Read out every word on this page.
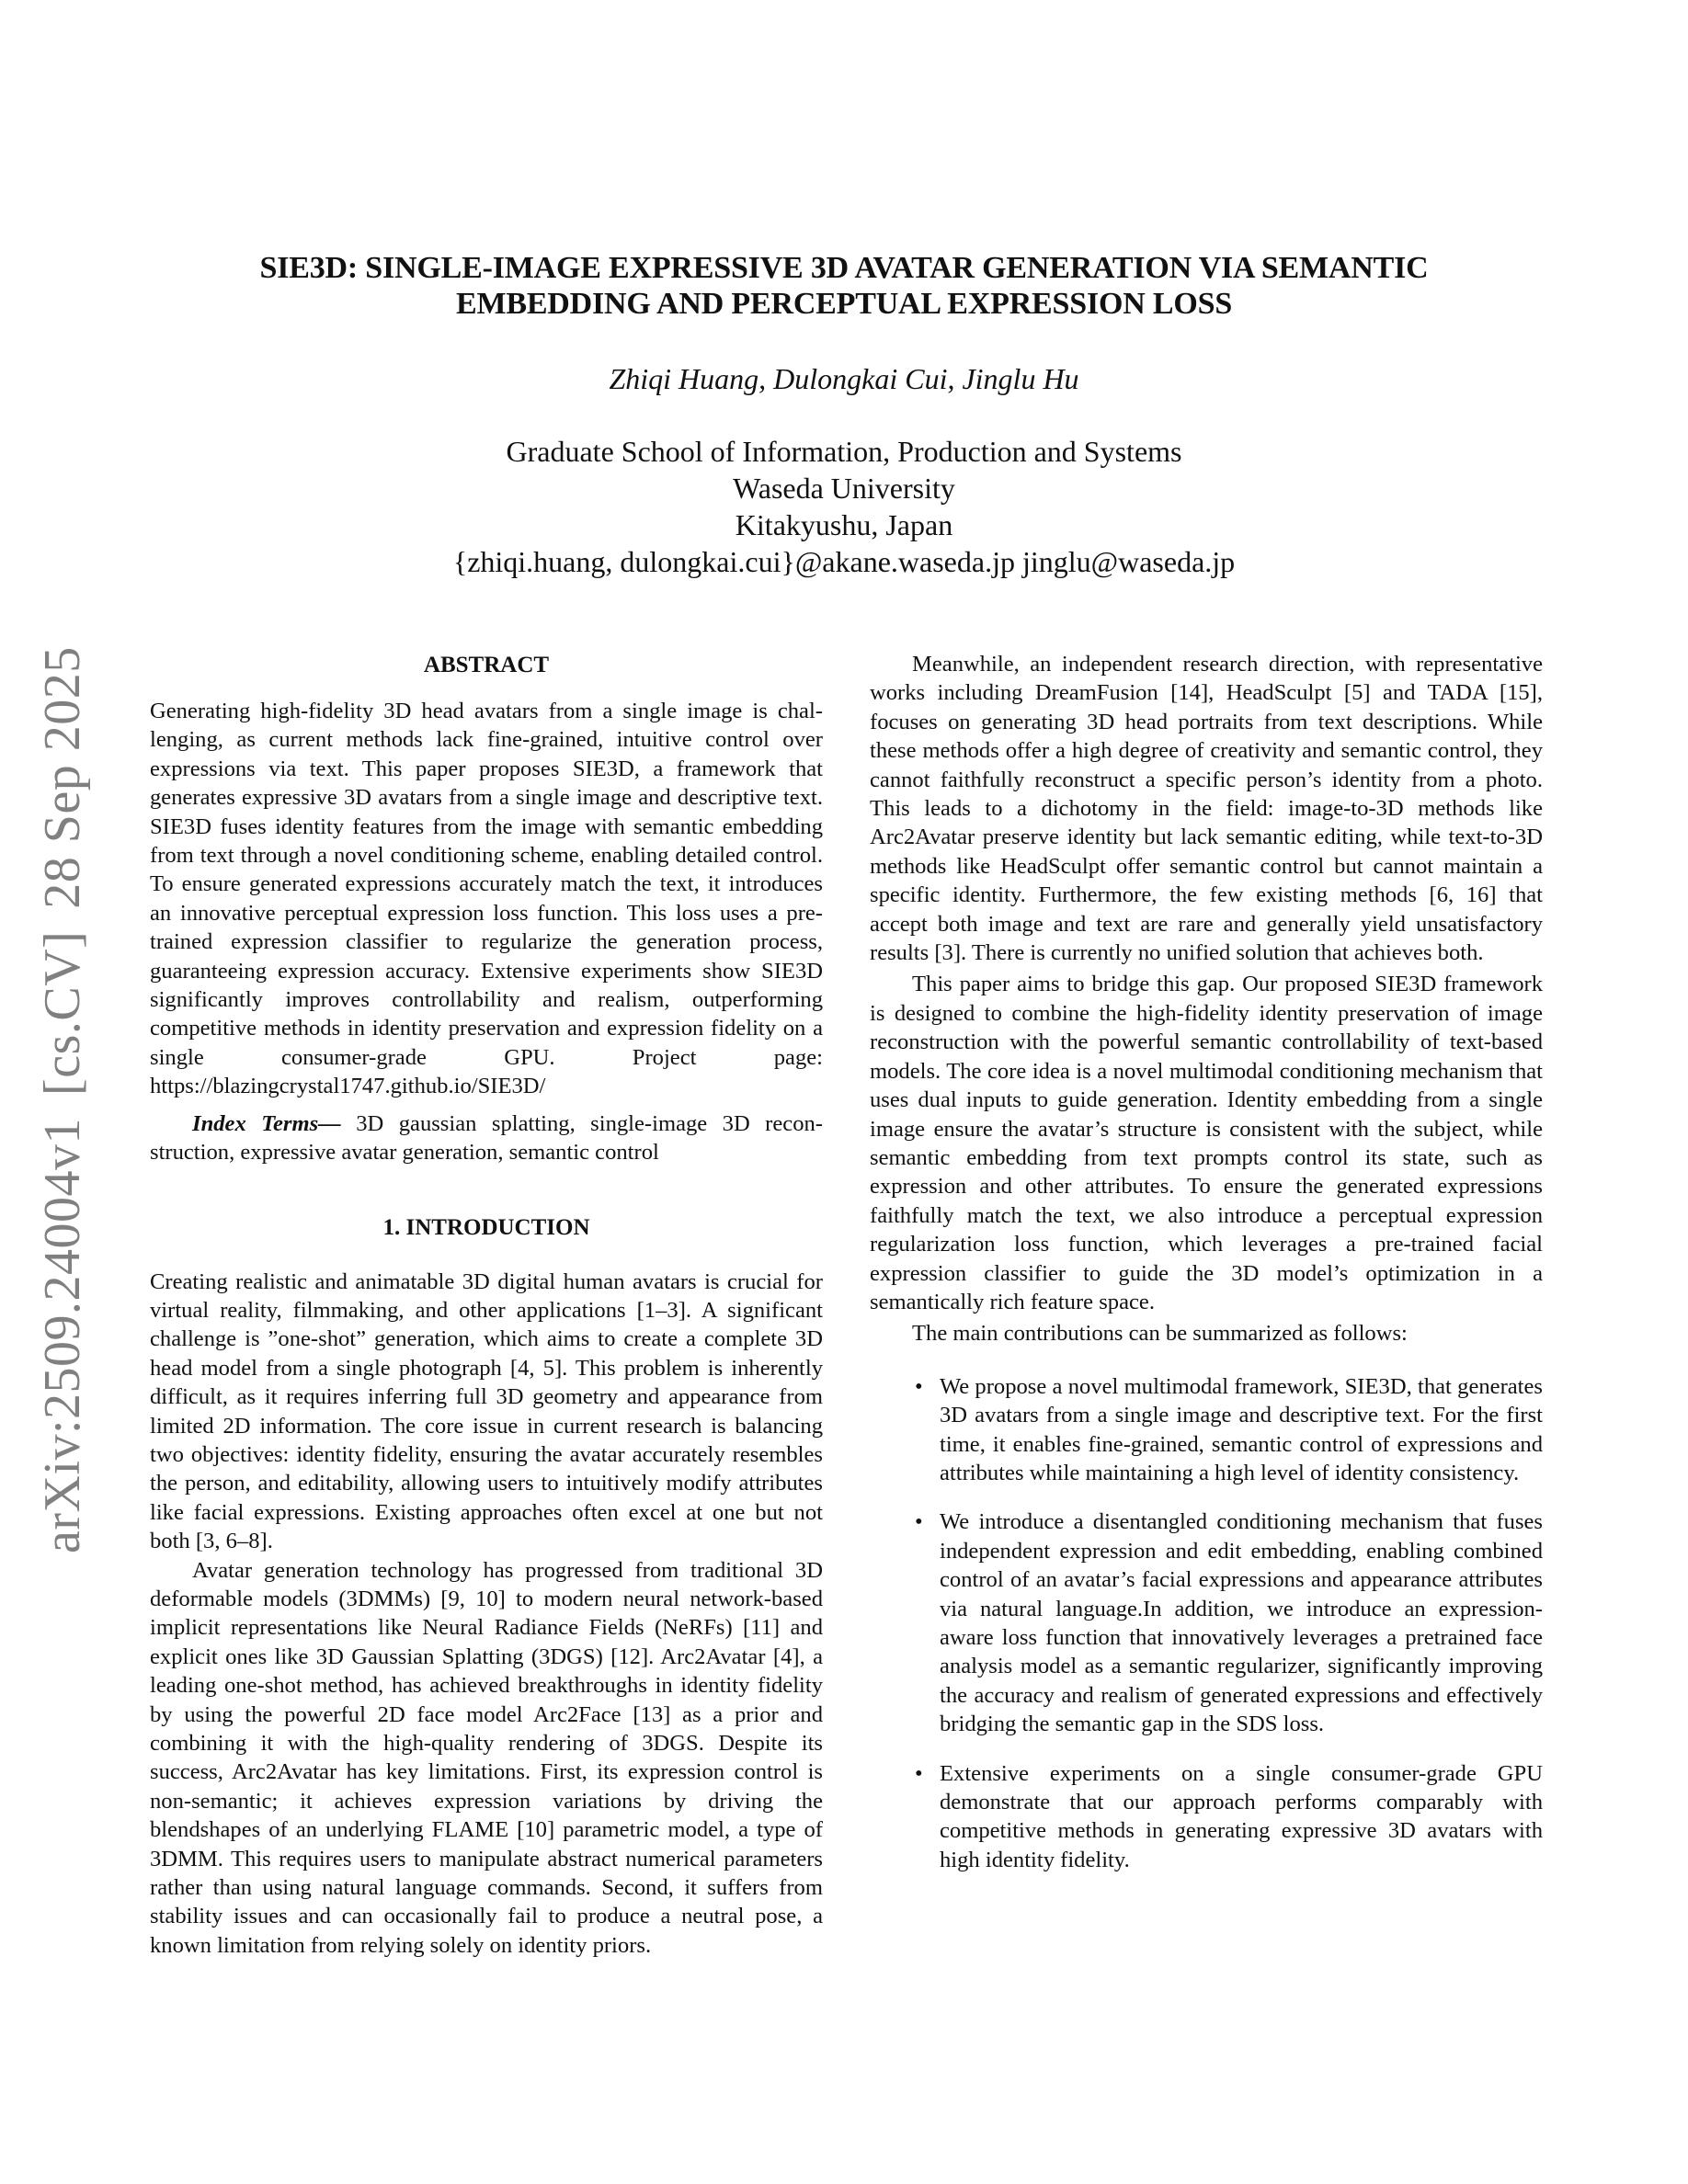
arXiv:2509.24004v1[cs.CV]28 Sep 2025
SIE3D: SINGLE-IMAGE EXPRESSIVE 3D AVATAR GENERATION VIA SEMANTIC
EMBEDDING AND PERCEPTUAL EXPRESSION LOSS
Zhiqi Huang, Dulongkai Cui, Jinglu Hu
Graduate School of Information, Production and Systems
Waseda University
Kitakyushu, Japan
{zhiqi.huang, dulongkai.cui}@akane.waseda.jp jinglu@waseda.jp
ABSTRACT

Generating high-fidelity 3D head avatars from a single image is challenging, as current methods lack fine-grained, intuitive control over expressions via text. This paper proposes SIE3D, a framework that generates expressive 3D avatars from a single image and descriptive text. SIE3D fuses identity features from the image with semantic embedding from text through a novel conditioning scheme, enabling detailed control. To ensure generated expressions accurately match the text, it introduces an innovative perceptual expression loss function. This loss uses a pre-trained expression classifier to regularize the generation process, guaranteeing expression accuracy. Extensive experiments show SIE3D significantly improves controllability and realism, outperforming competitive methods in identity preservation and expression fidelity on a single consumer-grade GPU. Project page: https://blazingcrystal1747.github.io/SIE3D/

Index Terms— 3D gaussian splatting, single-image 3D reconstruction, expressive avatar generation, semantic control

1. INTRODUCTION

Creating realistic and animatable 3D digital human avatars is crucial for virtual reality, filmmaking, and other applications [1–3]. A significant challenge is ”one-shot” generation, which aims to create a complete 3D head model from a single photograph [4, 5]. This problem is inherently difficult, as it requires inferring full 3D geometry and appearance from limited 2D information. The core issue in current research is balancing two objectives: identity fidelity, ensuring the avatar accurately resembles the person, and editability, allowing users to intuitively modify attributes like facial expressions. Existing approaches often excel at one but not both [3, 6–8].

Avatar generation technology has progressed from traditional 3D deformable models (3DMMs) [9, 10] to modern neural network-based implicit representations like Neural Radiance Fields (NeRFs) [11] and explicit ones like 3D Gaussian Splatting (3DGS) [12]. Arc2Avatar [4], a leading one-shot method, has achieved breakthroughs in identity fidelity by using the powerful 2D face model Arc2Face [13] as a prior and combining it with the high-quality rendering of 3DGS. Despite its success, Arc2Avatar has key limitations. First, its expression control is non-semantic; it achieves expression variations by driving the blendshapes of an underlying FLAME [10] parametric model, a type of 3DMM. This requires users to manipulate abstract numerical parameters rather than using natural language commands. Second, it suffers from stability issues and can occasionally fail to produce a neutral pose, a known limitation from relying solely on identity priors.

Meanwhile, an independent research direction, with representative works including DreamFusion [14], HeadSculpt [5] and TADA [15], focuses on generating 3D head portraits from text descriptions. While these methods offer a high degree of creativity and semantic control, they cannot faithfully reconstruct a specific person’s identity from a photo. This leads to a dichotomy in the field: image-to-3D methods like Arc2Avatar preserve identity but lack semantic editing, while text-to-3D methods like HeadSculpt offer semantic control but cannot maintain a specific identity. Furthermore, the few existing methods [6, 16] that accept both image and text are rare and generally yield unsatisfactory results [3]. There is currently no unified solution that achieves both.

This paper aims to bridge this gap. Our proposed SIE3D framework is designed to combine the high-fidelity identity preservation of image reconstruction with the powerful semantic controllability of text-based models. The core idea is a novel multimodal conditioning mechanism that uses dual inputs to guide generation. Identity embedding from a single image ensure the avatar’s structure is consistent with the subject, while semantic embedding from text prompts control its state, such as expression and other attributes. To ensure the generated expressions faithfully match the text, we also introduce a perceptual expression regularization loss function, which leverages a pre-trained facial expression classifier to guide the 3D model’s optimization in a semantically rich feature space.

The main contributions can be summarized as follows:

• We propose a novel multimodal framework, SIE3D, that generates 3D avatars from a single image and descriptive text. For the first time, it enables fine-grained, semantic control of expressions and attributes while maintaining a high level of identity consistency.
• We introduce a disentangled conditioning mechanism that fuses independent expression and edit embedding, enabling combined control of an avatar’s facial expressions and appearance attributes via natural language.In addition, we introduce an expression-aware loss function that innovatively leverages a pretrained face analysis model as a semantic regularizer, significantly improving the accuracy and realism of generated expressions and effectively bridging the semantic gap in the SDS loss.
• Extensive experiments on a single consumer-grade GPU demonstrate that our approach performs comparably with competitive methods in generating expressive 3D avatars with high identity fidelity.
